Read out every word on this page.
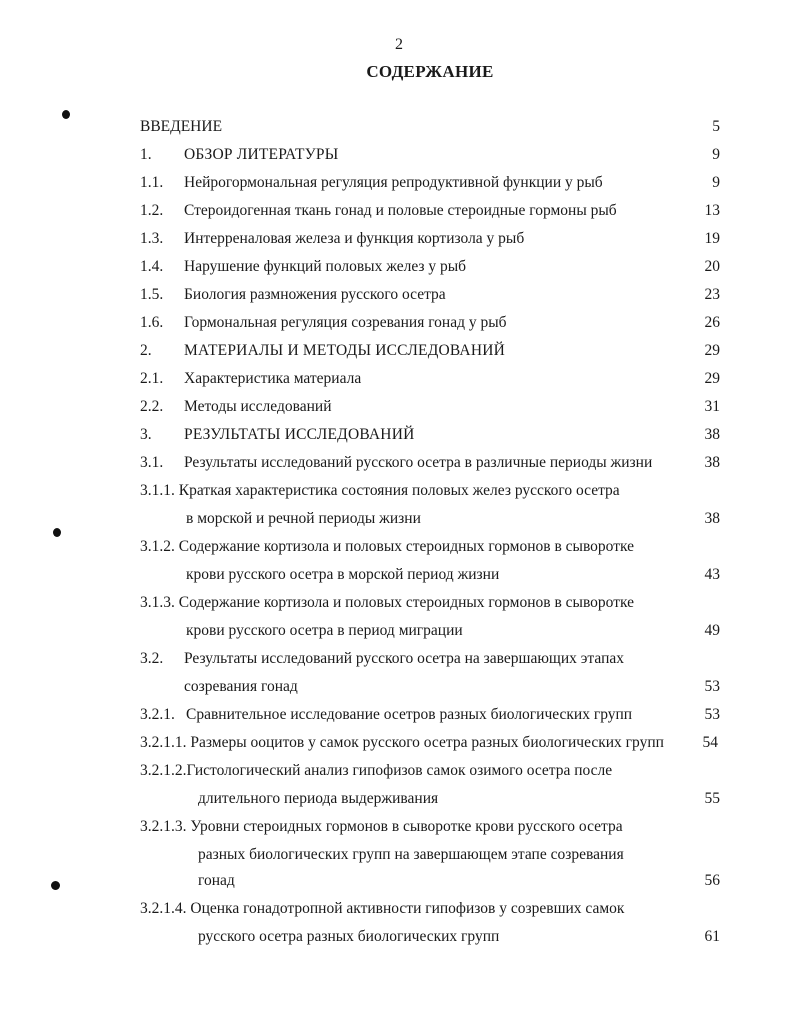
2
СОДЕРЖАНИЕ
ВВЕДЕНИЕ	5
1. ОБЗОР ЛИТЕРАТУРЫ	9
1.1. Нейрогормональная регуляция репродуктивной функции у рыб	9
1.2. Стероидогенная ткань гонад и половые стероидные гормоны рыб	13
1.3. Интерреналовая железа и функция кортизола у рыб	19
1.4. Нарушение функций половых желез у рыб	20
1.5. Биология размножения русского осетра	23
1.6. Гормональная регуляция созревания гонад у рыб	26
2. МАТЕРИАЛЫ И МЕТОДЫ ИССЛЕДОВАНИЙ	29
2.1. Характеристика материала	29
2.2. Методы исследований	31
3. РЕЗУЛЬТАТЫ ИССЛЕДОВАНИЙ	38
3.1. Результаты исследований русского осетра в различные периоды жизни	38
3.1.1. Краткая характеристика состояния половых желез русского осетра
в морской и речной периоды жизни	38
3.1.2. Содержание кортизола и половых стероидных гормонов в сыворотке
крови русского осетра в морской период жизни	43
3.1.3. Содержание кортизола и половых стероидных гормонов в сыворотке
крови русского осетра в период миграции	49
3.2. Результаты исследований русского осетра на завершающих этапах
созревания гонад	53
3.2.1. Сравнительное исследование осетров разных биологических групп	53
3.2.1.1. Размеры ооцитов у самок русского осетра разных биологических групп 54
3.2.1.2.Гистологический анализ гипофизов самок озимого осетра после
длительного периода выдерживания	55
3.2.1.3. Уровни стероидных гормонов в сыворотке крови русского осетра
разных биологических групп на завершающем этапе созревания
гонад	56
3.2.1.4. Оценка гонадотропной активности гипофизов у созревших самок
русского осетра разных биологических групп	61
